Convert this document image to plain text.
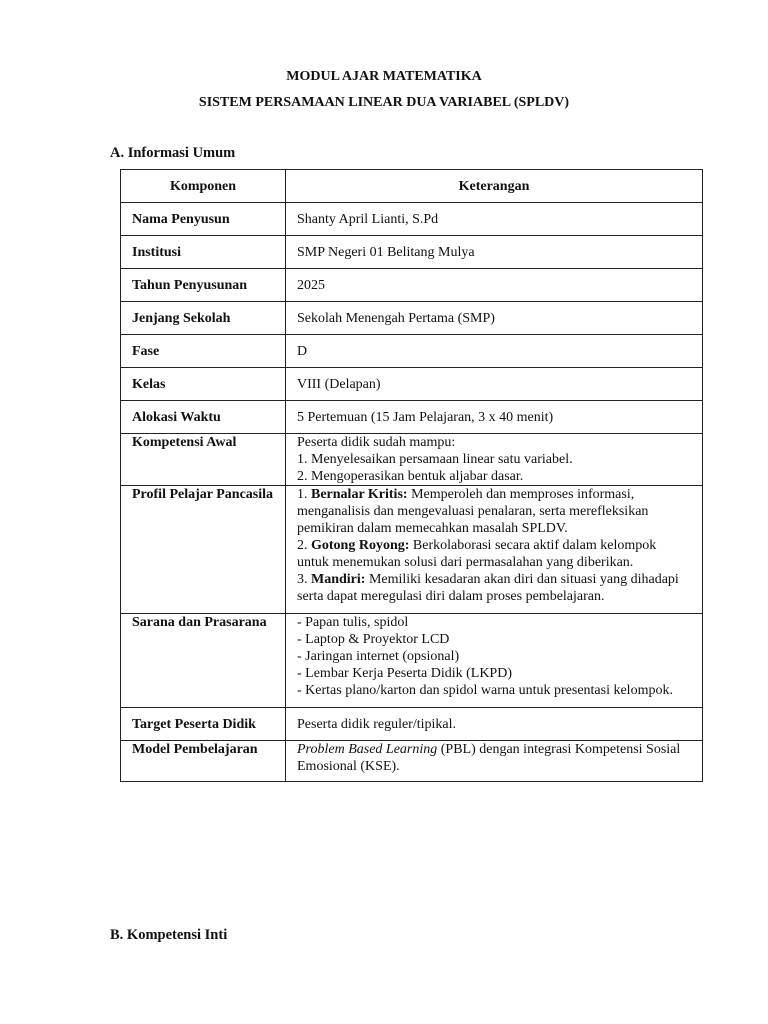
MODUL AJAR MATEMATIKA
SISTEM PERSAMAAN LINEAR DUA VARIABEL (SPLDV)
A. Informasi Umum
Komponen	Keterangan
Nama Penyusun	Shanty April Lianti, S.Pd
Institusi	SMP Negeri 01 Belitang Mulya
Tahun Penyusunan	2025
Jenjang Sekolah	Sekolah Menengah Pertama (SMP)
Fase	D
Kelas	VIII (Delapan)
Alokasi Waktu	5 Pertemuan (15 Jam Pelajaran, 3 x 40 menit)
Kompetensi Awal	Peserta didik sudah mampu:
1. Menyelesaikan persamaan linear satu variabel.
2. Mengoperasikan bentuk aljabar dasar.

Profil Pelajar Pancasila	1. Bernalar Kritis: Memperoleh dan memproses informasi, menganalisis dan mengevaluasi penalaran, serta merefleksikan pemikiran dalam memecahkan masalah SPLDV.
2. Gotong Royong: Berkolaborasi secara aktif dalam kelompok untuk menemukan solusi dari permasalahan yang diberikan.
3. Mandiri: Memiliki kesadaran akan diri dan situasi yang dihadapi serta dapat meregulasi diri dalam proses pembelajaran.

Sarana dan Prasarana	- Papan tulis, spidol
- Laptop & Proyektor LCD
- Jaringan internet (opsional)
- Lembar Kerja Peserta Didik (LKPD)
- Kertas plano/karton dan spidol warna untuk presentasi kelompok.

Target Peserta Didik	Peserta didik reguler/tipikal.
Model Pembelajaran	Problem Based Learning (PBL) dengan integrasi Kompetensi Sosial Emosional (KSE).
B. Kompetensi Inti
